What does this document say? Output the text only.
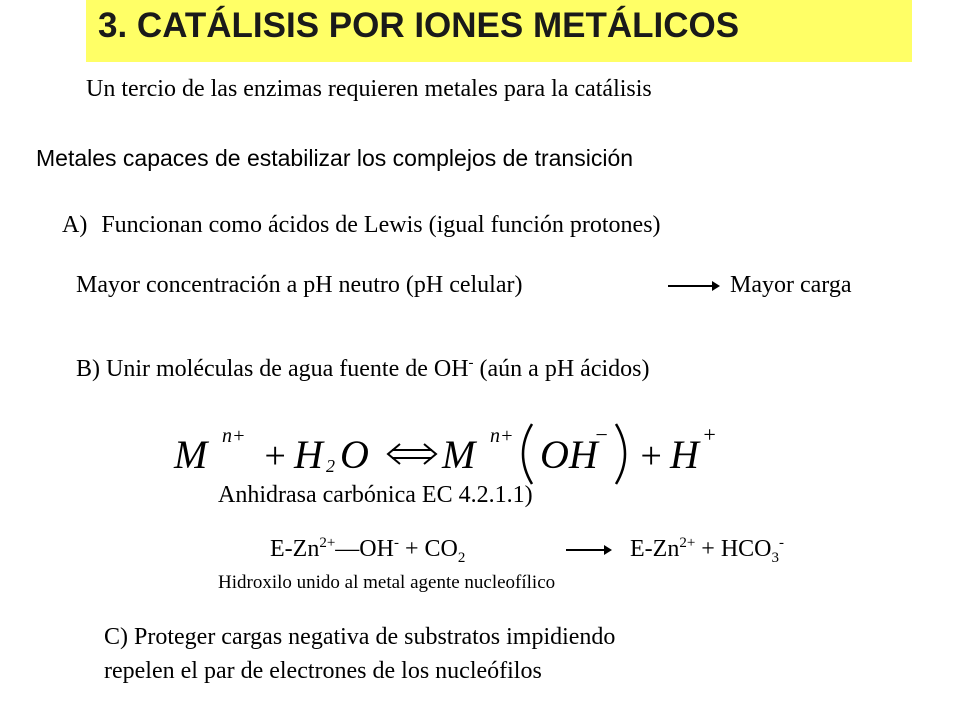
3. CATÁLISIS POR IONES METÁLICOS
Un tercio de las enzimas requieren metales para la catálisis
Metales capaces de estabilizar los complejos de transición
A) Funcionan como ácidos de Lewis (igual función protones)
Mayor concentración a pH neutro (pH celular)	Mayor carga
B) Unir moléculas de agua fuente de OH- (aún a pH ácidos)
M n+ + H 2 O M n+ OH
−
+ H +
Anhidrasa carbónica EC 4.2.1.1)
$E-Zn^{2+}—OH^- + CO_2$	→ $E-Zn^{2+} + HCO_3^-$
Hidroxilo unido al metal agente nucleofílico
C) Proteger cargas negativa de substratos impidiendo
repelen el par de electrones de los nucleófilos
